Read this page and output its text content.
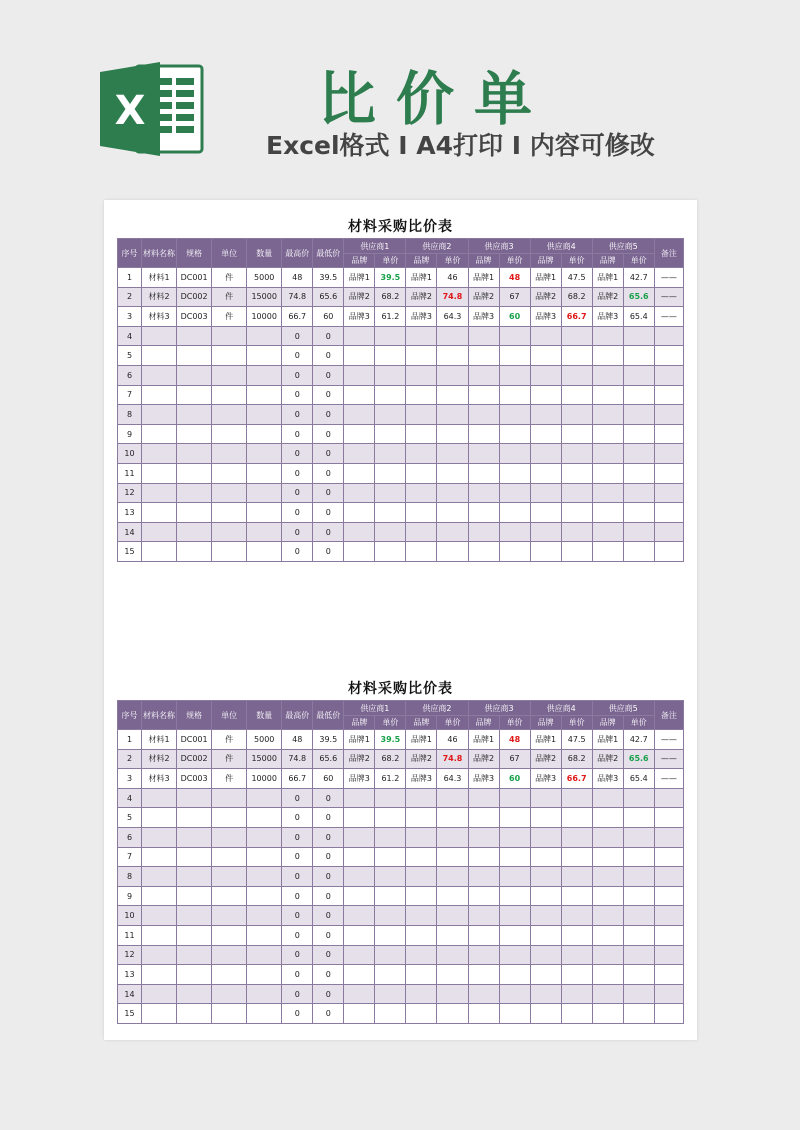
X	比价单
Excel格式 I A4打印 I 内容可修改
材料采购比价表
序号	材料名称	规格	单位	数量	最高价	最低价	供应商1		供应商2		供应商3		供应商4		供应商5		备注
							品牌	单价	品牌	单价	品牌	单价	品牌	单价	品牌	单价	
1	材料1	DC001	件	5000	48	39.5	品牌1	39.5	品牌1	46	品牌1	48	品牌1	47.5	品牌1	42.7	——
2	材料2	DC002	件	15000	74.8	65.6	品牌2	68.2	品牌2	74.8	品牌2	67	品牌2	68.2	品牌2	65.6	——
3	材料3	DC003	件	10000	66.7	60	品牌3	61.2	品牌3	64.3	品牌3	60	品牌3	66.7	品牌3	65.4	——
4					0	0											
5					0	0											
6					0	0											
7					0	0											
8					0	0											
9					0	0											
10					0	0											
11					0	0											
12					0	0											
13					0	0											
14					0	0											
15					0	0											
材料采购比价表
序号	材料名称	规格	单位	数量	最高价	最低价	供应商1		供应商2		供应商3		供应商4		供应商5		备注
							品牌	单价	品牌	单价	品牌	单价	品牌	单价	品牌	单价	
1	材料1	DC001	件	5000	48	39.5	品牌1	39.5	品牌1	46	品牌1	48	品牌1	47.5	品牌1	42.7	——
2	材料2	DC002	件	15000	74.8	65.6	品牌2	68.2	品牌2	74.8	品牌2	67	品牌2	68.2	品牌2	65.6	——
3	材料3	DC003	件	10000	66.7	60	品牌3	61.2	品牌3	64.3	品牌3	60	品牌3	66.7	品牌3	65.4	——
4					0	0											
5					0	0											
6					0	0											
7					0	0											
8					0	0											
9					0	0											
10					0	0											
11					0	0											
12					0	0											
13					0	0											
14					0	0											
15					0	0											
